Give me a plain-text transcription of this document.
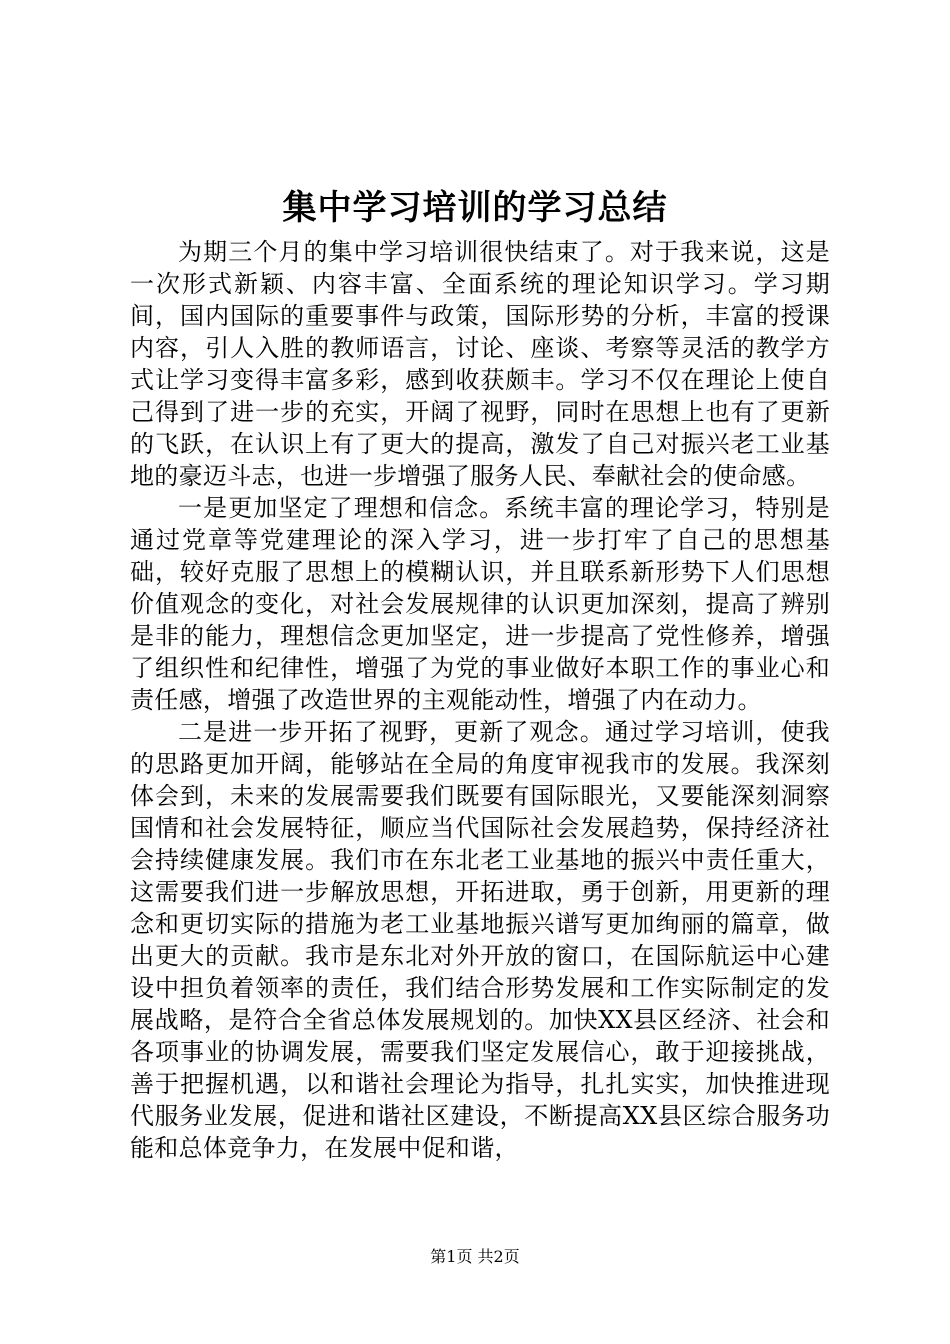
集中学习培训的学习总结

为期三个月的集中学习培训很快结束了。对于我来说，这是一次形式新颖、内容丰富、全面系统的理论知识学习。学习期间，国内国际的重要事件与政策，国际形势的分析，丰富的授课内容，引人入胜的教师语言，讨论、座谈、考察等灵活的教学方式让学习变得丰富多彩，感到收获颇丰。学习不仅在理论上使自己得到了进一步的充实，开阔了视野，同时在思想上也有了更新的飞跃，在认识上有了更大的提高，激发了自己对振兴老工业基地的豪迈斗志，也进一步增强了服务人民、奉献社会的使命感。

一是更加坚定了理想和信念。系统丰富的理论学习，特别是通过党章等党建理论的深入学习，进一步打牢了自己的思想基础，较好克服了思想上的模糊认识，并且联系新形势下人们思想价值观念的变化，对社会发展规律的认识更加深刻，提高了辨别是非的能力，理想信念更加坚定，进一步提高了党性修养，增强了组织性和纪律性，增强了为党的事业做好本职工作的事业心和责任感，增强了改造世界的主观能动性，增强了内在动力。

二是进一步开拓了视野，更新了观念。通过学习培训，使我的思路更加开阔，能够站在全局的角度审视我市的发展。我深刻体会到，未来的发展需要我们既要有国际眼光，又要能深刻洞察国情和社会发展特征，顺应当代国际社会发展趋势，保持经济社会持续健康发展。我们市在东北老工业基地的振兴中责任重大，这需要我们进一步解放思想，开拓进取，勇于创新，用更新的理念和更切实际的措施为老工业基地振兴谱写更加绚丽的篇章，做出更大的贡献。我市是东北对外开放的窗口，在国际航运中心建设中担负着领率的责任，我们结合形势发展和工作实际制定的发展战略，是符合全省总体发展规划的。加快XX县区经济、社会和各项事业的协调发展，需要我们坚定发展信心，敢于迎接挑战，善于把握机遇，以和谐社会理论为指导，扎扎实实，加快推进现代服务业发展，促进和谐社区建设，不断提高XX县区综合服务功能和总体竞争力，在发展中促和谐，

第1页 共2页
